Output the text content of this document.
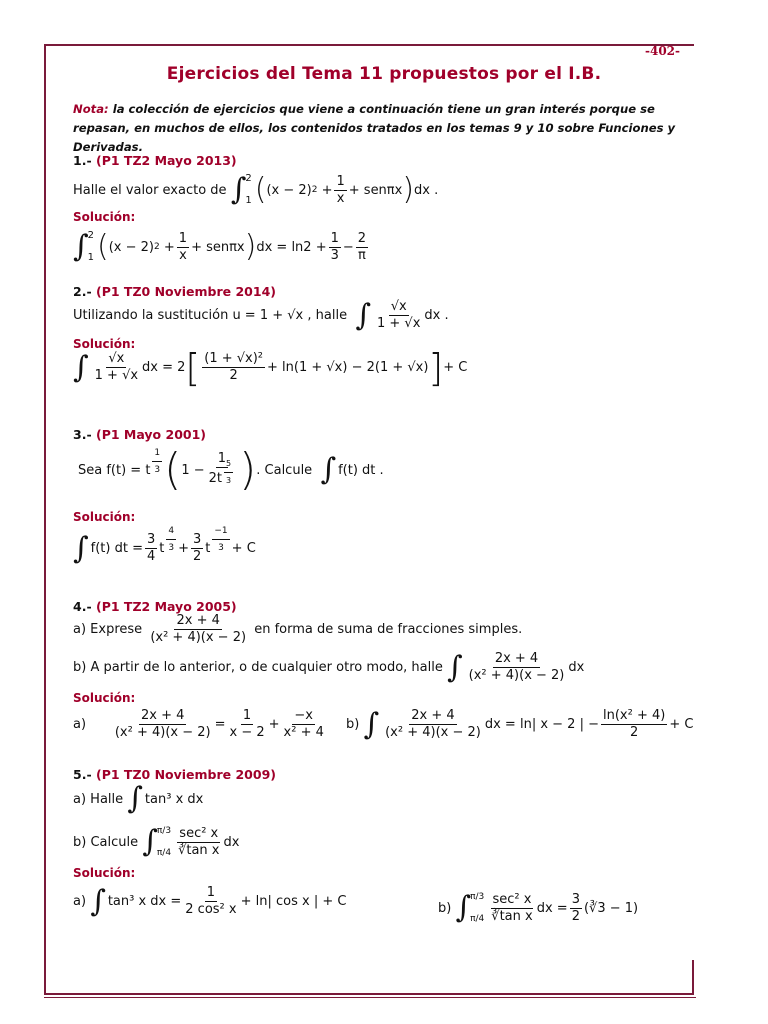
-402-
Ejercicios del Tema 11 propuestos por el I.B.
Nota: la colección de ejercicios que viene a continuación tiene un gran interés porque se repasan, en muchos de ellos, los contenidos tratados en los temas 9 y 10 sobre Funciones y Derivadas.
1.- (P1 TZ2 Mayo 2013)
Halle el valor exacto de
∫ 2
1 ( (x − 2) 2
+ $\frac{1}{x} + sen\pi x$ ) dx .
Solución:
∫ 2
1 ( (x − 2) 2
+ $\frac{1}{x} + sen\pi x$ ) dx = $\ln 2 + \frac{1}{3} - \frac{2}{\pi}$
2.- (P1 TZ0 Noviembre 2014)
Utilizando la sustitución u = 1 + √x , halle
∫ $\frac{√x}{1 + √x}$ dx .
Solución:
∫ $\frac{√x}{1 + √x}$ dx = 2 [ $\frac{\text{(1 + √x)²}}{2} + \ln(1 + √x) - 2(1 + √x)$ ] + C
3.- (P1 Mayo 2001)
Sea f(t) = t $\frac{1}{3}$ ( $1 - \frac{1}{2t \frac{5}{3}}$ ) . Calcule
∫ f(t) dt .
Solución:
∫ f(t) dt = $\frac{3}{4}$ t $\frac{4}{3} + \frac{3}{2}$ t $\frac{-1}{3} + C$
4.- (P1 TZ2 Mayo 2005)
a) Exprese
$\frac{2x + 4}{\text{(x² + 4)(x − 2)}}$
en forma de suma de fracciones simples.
b) A partir de lo anterior, o de cualquier otro modo, halle
∫ $\frac{2x + 4}{\text{(x² + 4)(x − 2)}}$ dx
Solución:
a)
$\frac{2x + 4}{\text{(x² + 4)(x − 2)}} = \frac{1}{x - 2} + \frac{-x}{\text{x² + 4}} b$)
∫ $\frac{2x + 4}{\text{(x² + 4)(x − 2)}}$ dx = ln| x − 2 | − $\frac{\text{ln(x² + 4)}}{2} + C$
5.- (P1 TZ0 Noviembre 2009)
a) Halle
∫ tan³ x dx
b) Calcule
∫ π/3
$\pi/4 \frac{\text{sec² x}}{\text{∛tan x}}$ dx
Solución:
a)
∫ tan³ x dx = $\frac{1}{\text{2 cos² x}} + \ln|$ cos x | + C	b)
∫ π/3
$\pi/4 \frac{\text{sec² x}}{\text{∛tan x}}$ dx = $\frac{3}{2}$ (∛3 − 1)
